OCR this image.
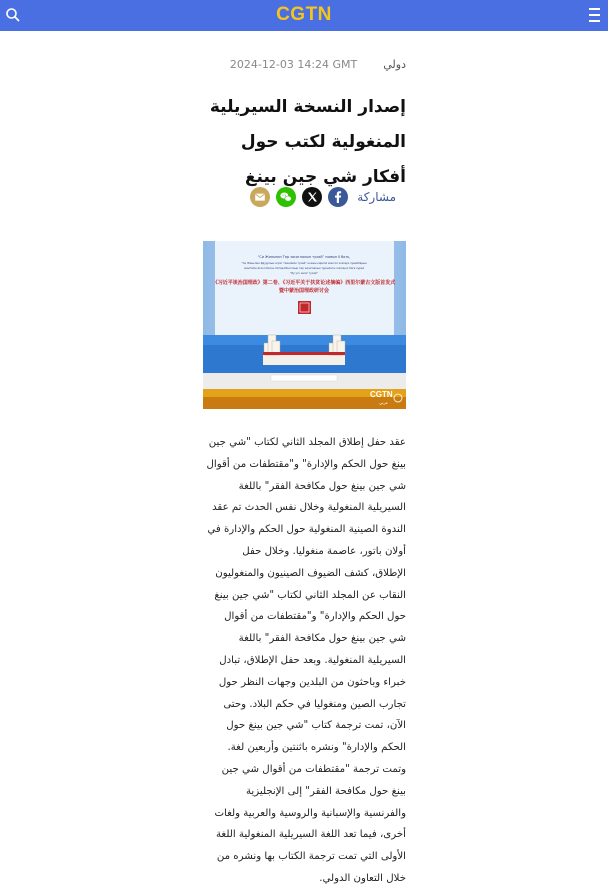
CGTN
دولي2024-12-03 14:24 GMT
إصدار النسخة السيريلية المنغولية لكتب حول أفكار شي جين بينغ
مشاركة
“Си Жиньпин Төр засаглалын тухай” номын II боть,
“Си Жиньпин Ядуурлын эсрэг тэмцлийн тухай” номын кирилл монгол хэлээрх хувилбарын
нээлтийн ёслол болон Хятад-Монголын төр засаглалын туршлага солилцох бага хурал
“Бу угэ засаг тухай”
《习近平谈治国理政》第二卷、《习近平关于扶贫论述摘编》西里尔蒙古文版首发式
暨中蒙治国理政研讨会
CGTN
عربي

عقد حفل إطلاق المجلد الثاني لكتاب "شي جين بينغ حول الحكم والإدارة" و"مقتطفات من أقوال شي جين بينغ حول مكافحة الفقر" باللغة السيريلية المنغولية وخلال نفس الحدث تم عقد الندوة الصينية المنغولية حول الحكم والإدارة في أولان باتور، عاصمة منغوليا. وخلال حفل الإطلاق، كشف الضيوف الصينيون والمنغوليون النقاب عن المجلد الثاني لكتاب "شي جين بينغ حول الحكم والإدارة" و"مقتطفات من أقوال شي جين بينغ حول مكافحة الفقر" باللغة السيريلية المنغولية. وبعد حفل الإطلاق، تبادل خبراء وباحثون من البلدين وجهات النظر حول تجارب الصين ومنغوليا في حكم البلاد. وحتى الآن، تمت ترجمة كتاب "شي جين بينغ حول الحكم والإدارة" ونشره باثنتين وأربعين لغة. وتمت ترجمة "مقتطفات من أقوال شي جين بينغ حول مكافحة الفقر" إلى الإنجليزية والفرنسية والإسبانية والروسية والعربية ولغات أخرى، فيما تعد اللغة السيريلية المنغولية اللغة الأولى التي تمت ترجمة الكتاب بها ونشره من خلال التعاون الدولي.
